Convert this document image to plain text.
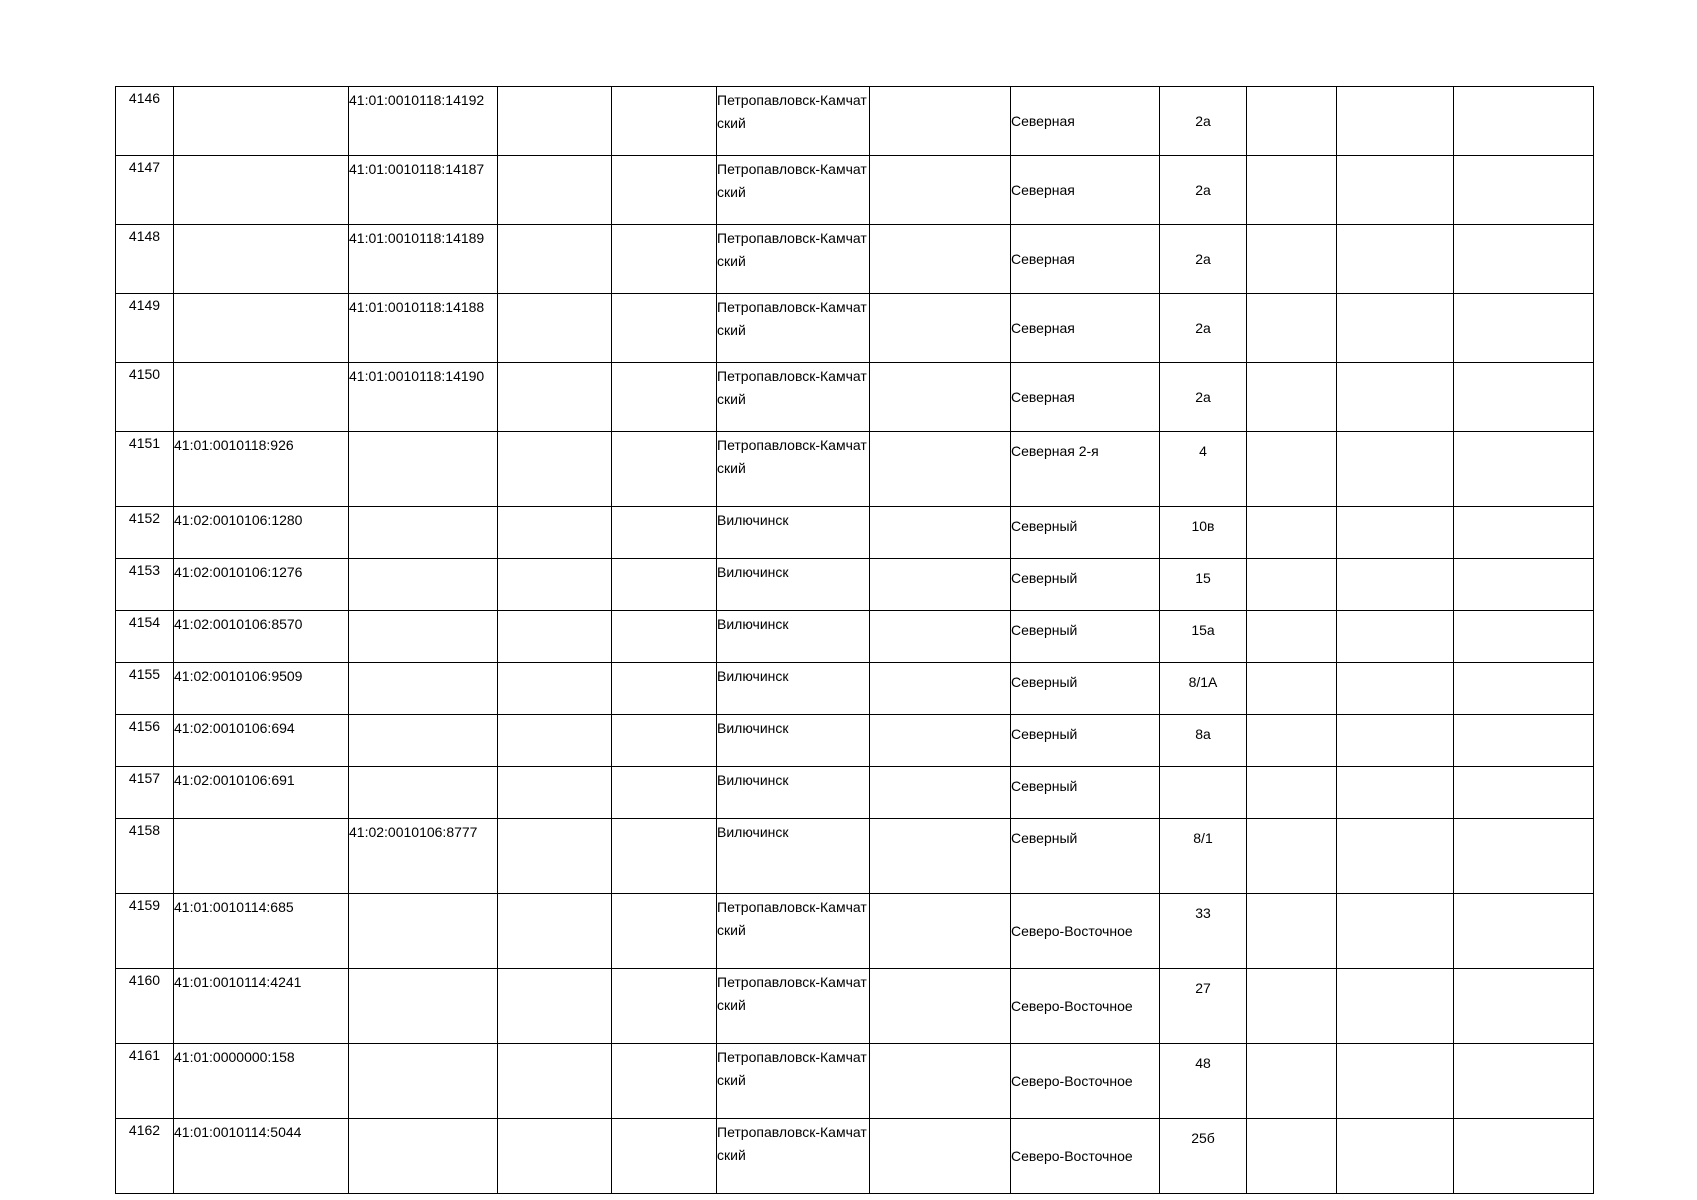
4146		41:01:0010118:14192			Петропавловск-Камчатский		Северная	2а			

4147		41:01:0010118:14187			Петропавловск-Камчатский		Северная	2а			

4148		41:01:0010118:14189			Петропавловск-Камчатский		Северная	2а			

4149		41:01:0010118:14188			Петропавловск-Камчатский		Северная	2а			

4150		41:01:0010118:14190			Петропавловск-Камчатский		Северная	2а			

4151	41:01:0010118:926				Петропавловск-Камчатский		Северная 2-я	4			

4152	41:02:0010106:1280				Вилючинск		Северный	10в			

4153	41:02:0010106:1276				Вилючинск		Северный	15			

4154	41:02:0010106:8570				Вилючинск		Северный	15а			

4155	41:02:0010106:9509				Вилючинск		Северный	8/1А			

4156	41:02:0010106:694				Вилючинск		Северный	8а			

4157	41:02:0010106:691				Вилючинск		Северный				

4158		41:02:0010106:8777			Вилючинск		Северный	8/1			

4159	41:01:0010114:685				Петропавловск-Камчатский		Северо-Восточное	33			

4160	41:01:0010114:4241				Петропавловск-Камчатский		Северо-Восточное	27			

4161	41:01:0000000:158				Петропавловск-Камчатский		Северо-Восточное	48			

4162	41:01:0010114:5044				Петропавловск-Камчатский		Северо-Восточное	25б			
